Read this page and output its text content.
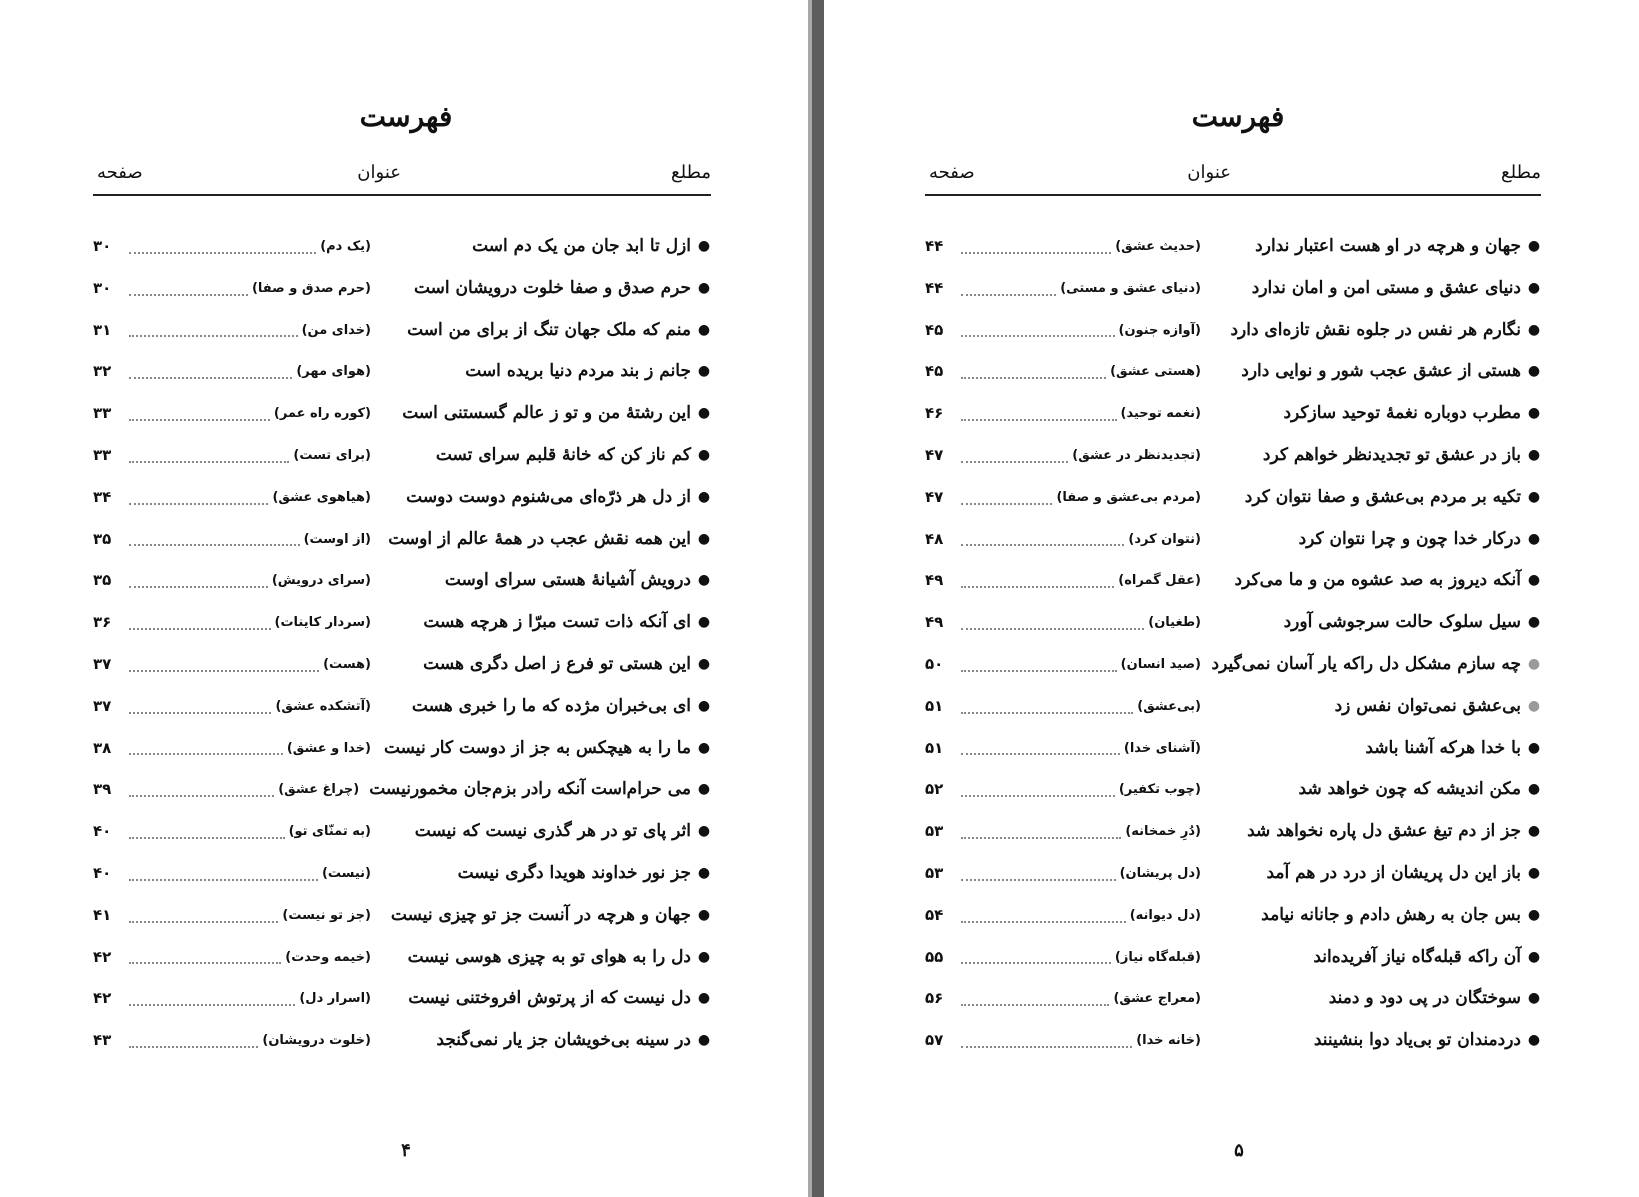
فهرست
مطلع
عنوان
صفحه
●
ازل تا ابد جان من یک دم است
(یک دم)
۳۰
●
حرم صدق و صفا خلوت درویشان است
(حرم صدق و صفا)
۳۰
●
منم که ملک جهان تنگ از برای من است
(خدای من)
۳۱
●
جانم ز بند مردم دنیا بریده است
(هوای مهر)
۳۲
●
این رشتهٔ من و تو ز عالم گسستنی است
(کوره راه عمر)
۳۳
●
کم ناز کن که خانهٔ قلبم سرای تست
(برای تست)
۳۳
●
از دل هر ذرّه‌ای می‌شنوم دوست دوست
(هیاهوی عشق)
۳۴
●
این همه نقش عجب در همهٔ عالم از اوست
(از اوست)
۳۵
●
درویش آشیانهٔ هستی سرای اوست
(سرای درویش)
۳۵
●
ای آنکه ذات تست مبرّا ز هرچه هست
(سردار کاینات)
۳۶
●
این هستی تو فرع ز اصل دگری هست
(هست)
۳۷
●
ای بی‌خبران مژده که ما را خبری هست
(آتشکده عشق)
۳۷
●
ما را به هیچکس به جز از دوست کار نیست
(خدا و عشق)
۳۸
●
می حرام‌است آنکه رادر بزم‌جان مخمورنیست
(چراغ عشق)
۳۹
●
اثر پای تو در هر گذری نیست که نیست
(به تمنّای تو)
۴۰
●
جز نور خداوند هویدا دگری نیست
(نیست)
۴۰
●
جهان و هرچه در آنست جز تو چیزی نیست
(جز تو نیست)
۴۱
●
دل را به هوای تو به چیزی هوسی نیست
(خیمه وحدت)
۴۲
●
دل نیست که از پرتوش افروختنی نیست
(اسرار دل)
۴۲
●
در سینه بی‌خویشان جز یار نمی‌گنجد
(خلوت درویشان)
۴۳
۴
فهرست
مطلع
عنوان
صفحه
●
جهان و هرچه در او هست اعتبار ندارد
(حدیث عشق)
۴۴
●
دنیای عشق و مستی امن و امان ندارد
(دنیای عشق و مستی)
۴۴
●
نگارم هر نفس در جلوه نقش تازه‌ای دارد
(آوازه جنون)
۴۵
●
هستی از عشق عجب شور و نوایی دارد
(هستی عشق)
۴۵
●
مطرب دوباره نغمهٔ توحید سازکرد
(نغمه توحید)
۴۶
●
باز در عشق تو تجدیدنظر خواهم کرد
(تجدیدنظر در عشق)
۴۷
●
تکیه بر مردم بی‌عشق و صفا نتوان کرد
(مردم بی‌عشق و صفا)
۴۷
●
درکار خدا چون و چرا نتوان کرد
(نتوان کرد)
۴۸
●
آنکه دیروز به صد عشوه من و ما می‌کرد
(عقل گمراه)
۴۹
●
سیل سلوک حالت سرجوشی آورد
(طغیان)
۴۹
●
چه سازم مشکل دل راکه یار آسان نمی‌گیرد
(صید انسان)
۵۰
●
بی‌عشق نمی‌توان نفس زد
(بی‌عشق)
۵۱
●
با خدا هرکه آشنا باشد
(آشنای خدا)
۵۱
●
مکن اندیشه که چون خواهد شد
(چوب تکفیر)
۵۲
●
جز از دم تیغ عشق دل پاره نخواهد شد
(دُرِ خمخانه)
۵۳
●
باز این دل پریشان از درد در هم آمد
(دل پریشان)
۵۳
●
بس جان به رهش دادم و جانانه نیامد
(دل دیوانه)
۵۴
●
آن راکه قبله‌گاه نیاز آفریده‌اند
(قبله‌گاه نیاز)
۵۵
●
سوختگان در پی دود و دمند
(معراج عشق)
۵۶
●
دردمندان تو بی‌یاد دوا بنشینند
(خانه خدا)
۵۷
۵
